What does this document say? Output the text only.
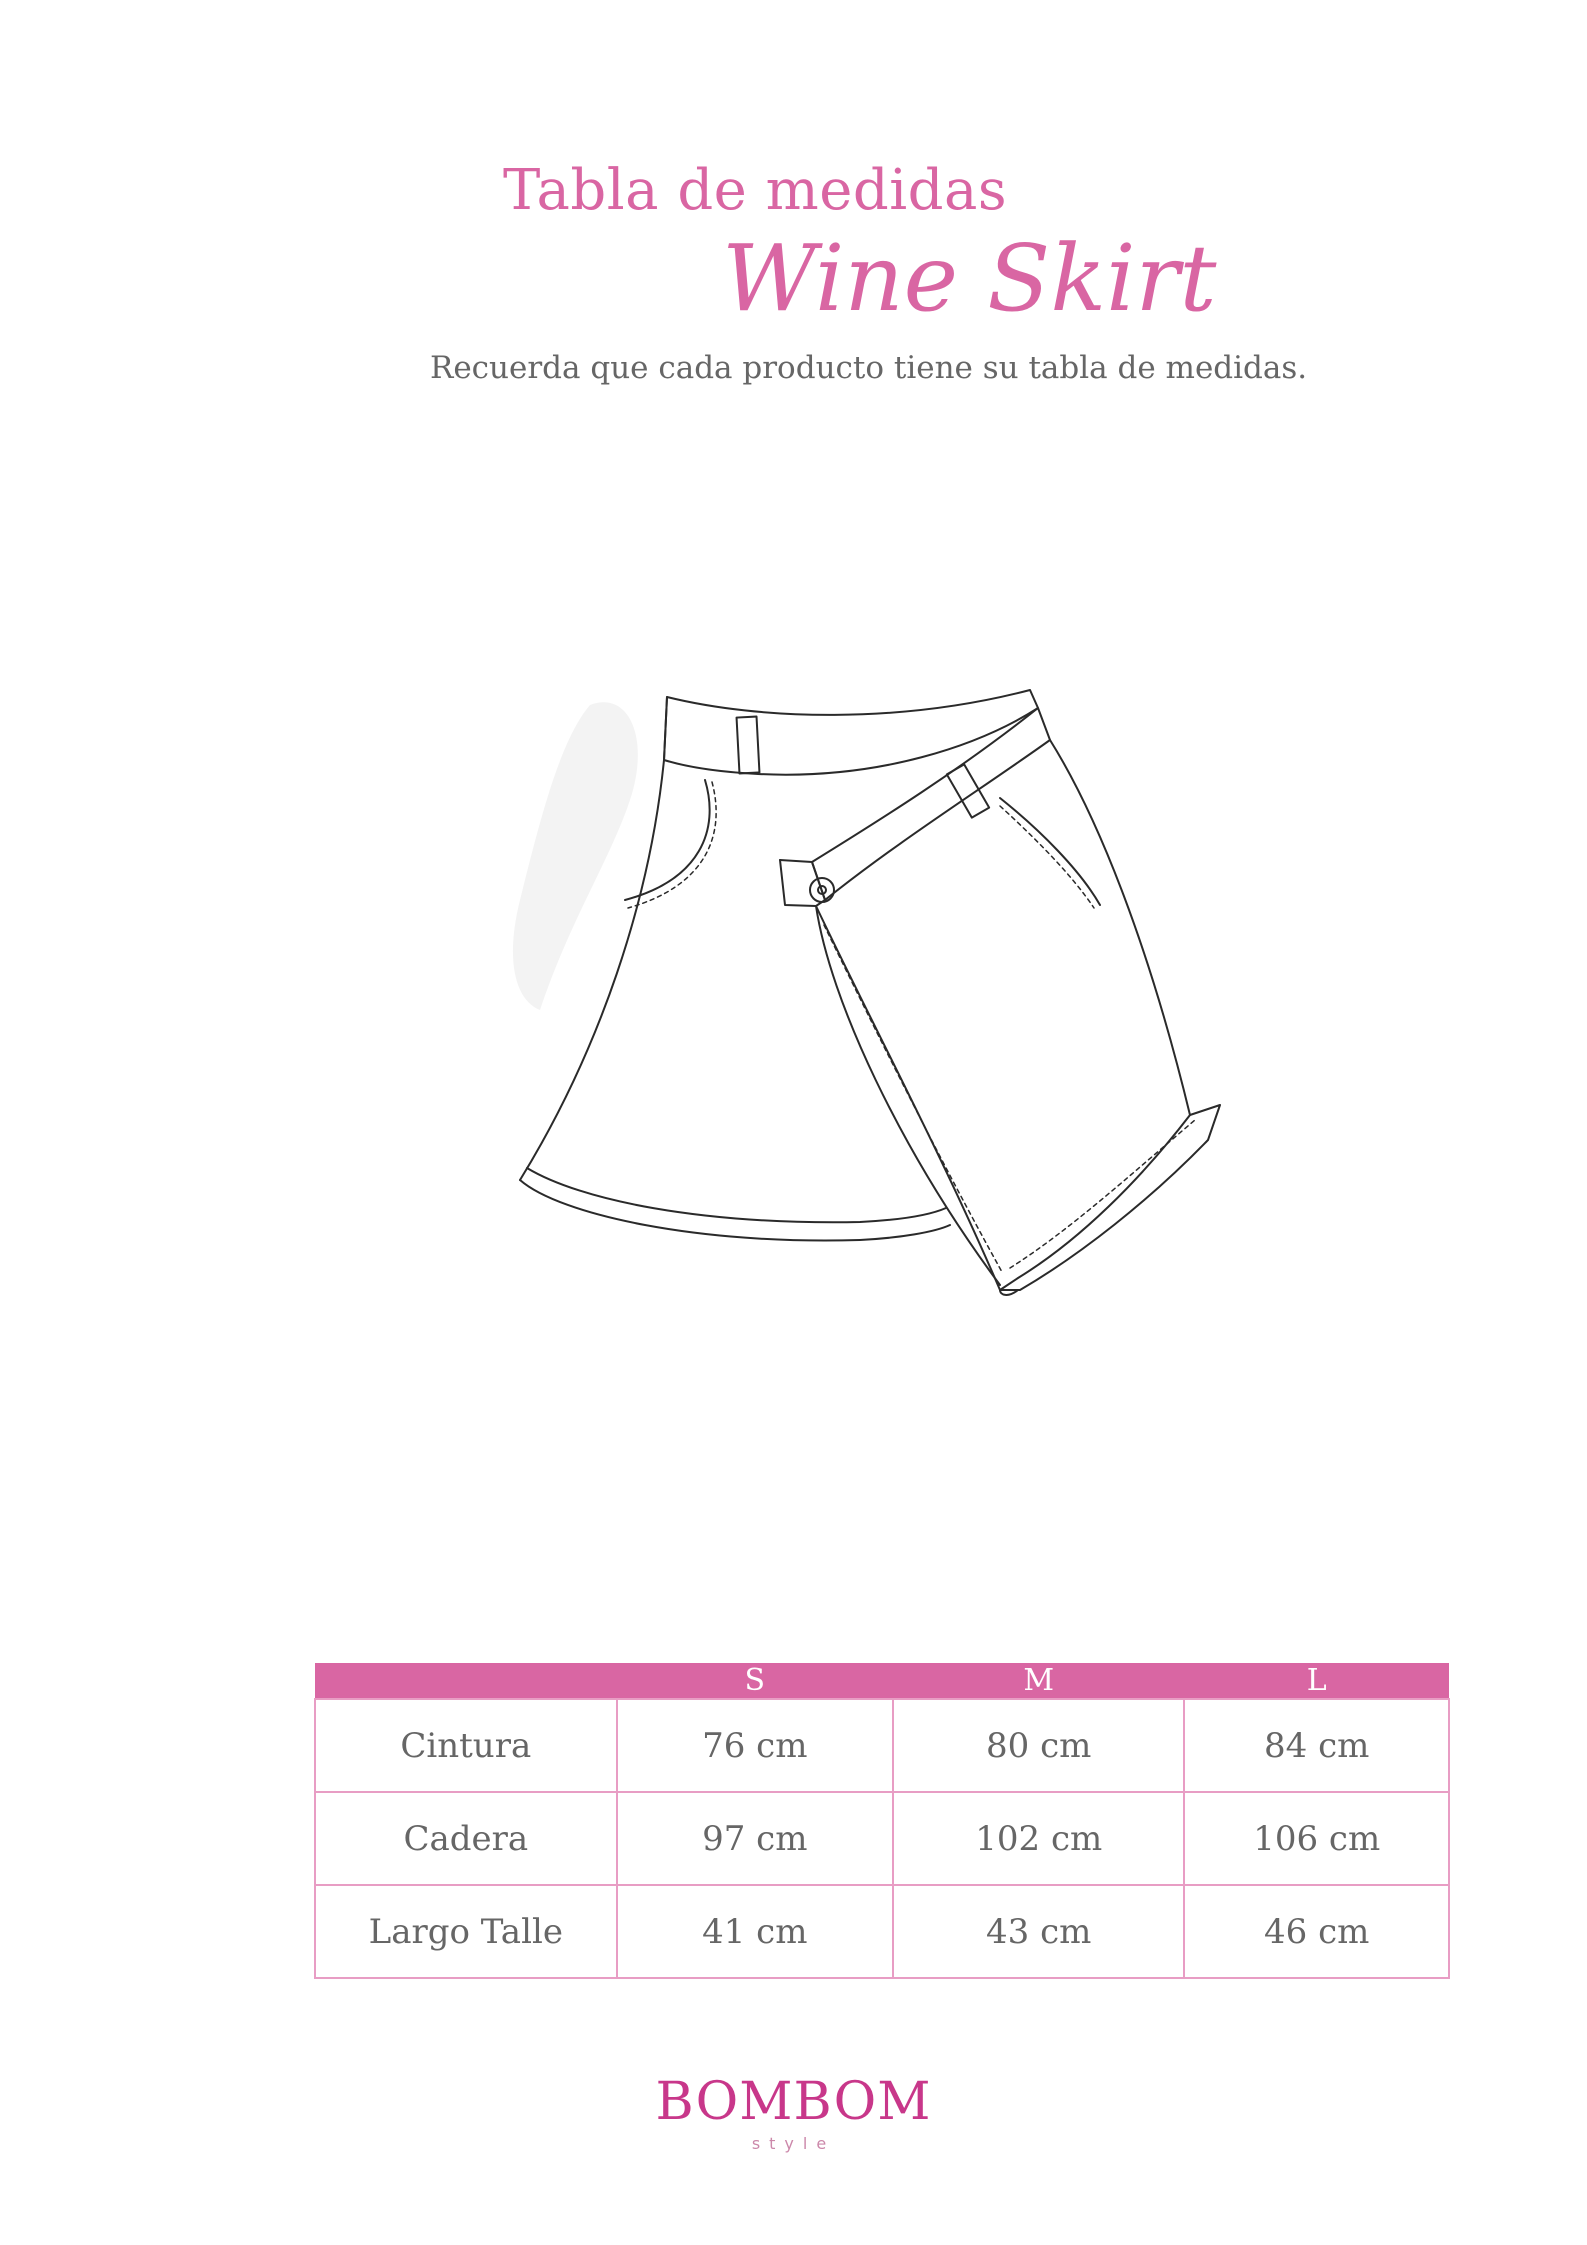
Tabla de medidas
Wine Skirt
Recuerda que cada producto tiene su tabla de medidas.
	S	M	L
Cintura	76 cm	80 cm	84 cm
Cadera	97 cm	102 cm	106 cm
Largo Talle	41 cm	43 cm	46 cm
BOMBOM
style
